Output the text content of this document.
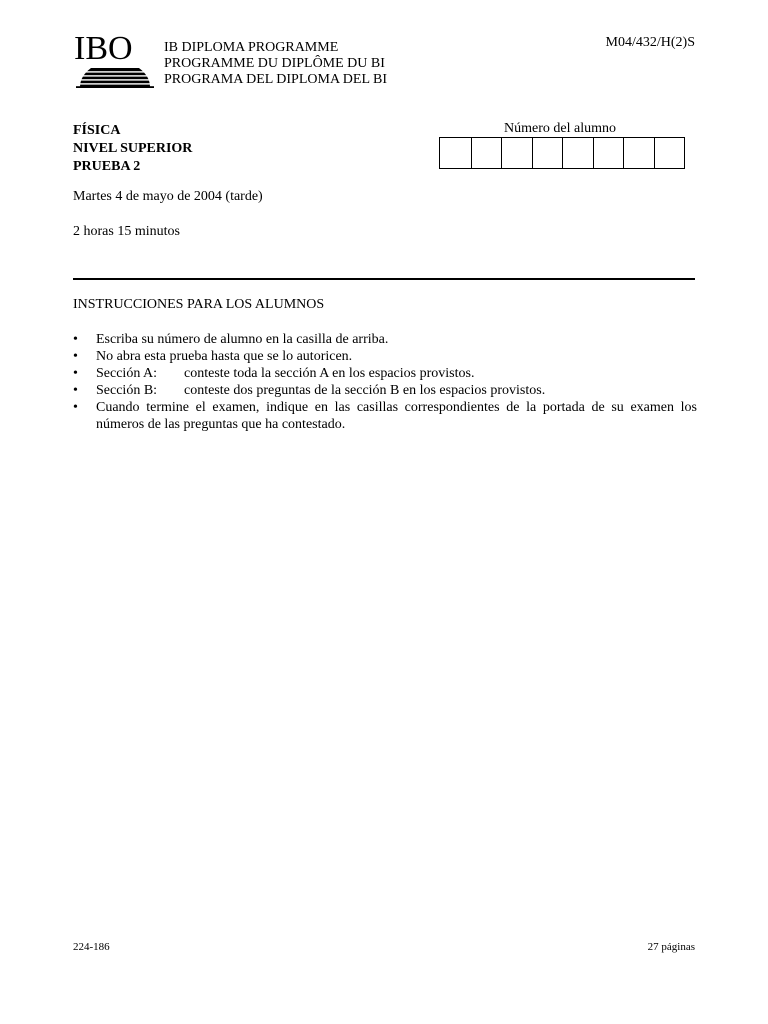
IBO	IB DIPLOMA PROGRAMME
PROGRAMME DU DIPLÔME DU BI
PROGRAMA DEL DIPLOMA DEL BI
M04/432/H(2)S
FÍSICA
NIVEL SUPERIOR
PRUEBA 2
Número del alumno
Martes 4 de mayo de 2004 (tarde)
2 horas 15 minutos
INSTRUCCIONES PARA LOS ALUMNOS
• Escriba su número de alumno en la casilla de arriba.
• No abra esta prueba hasta que se lo autoricen.
• Sección A: conteste toda la sección A en los espacios provistos.
• Sección B: conteste dos preguntas de la sección B en los espacios provistos.
• Cuando termine el examen, indique en las casillas correspondientes de la portada de su examen los números de las preguntas que ha contestado.
224-186	27 páginas
